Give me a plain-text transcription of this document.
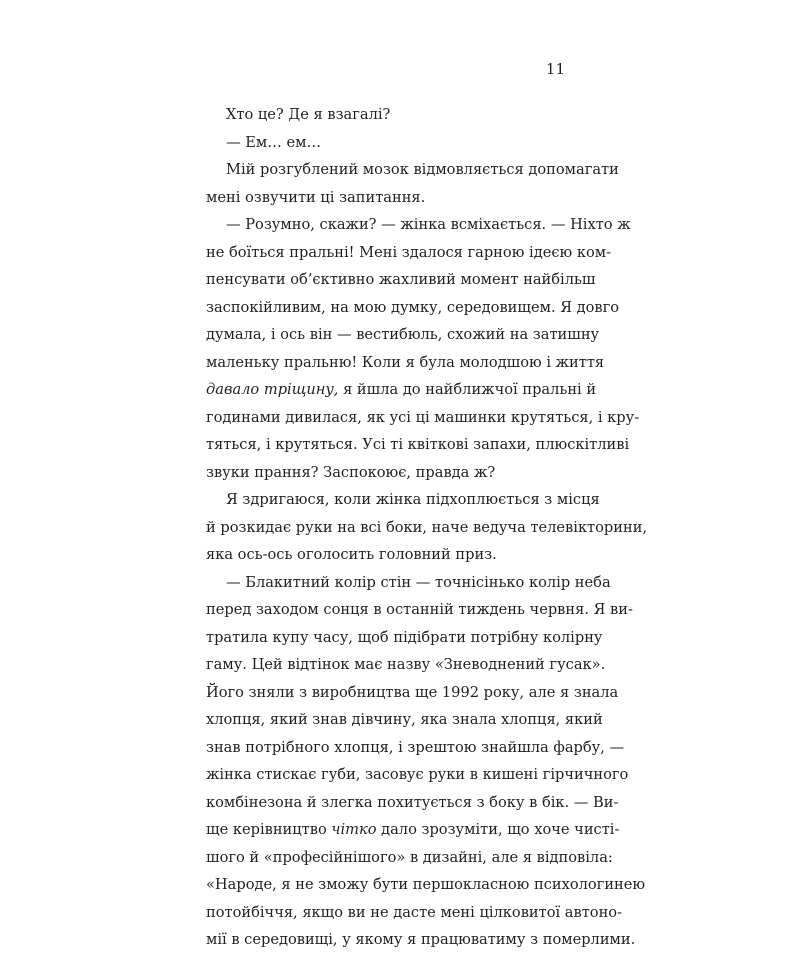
11
Хто це? Де я взагалі?
— Ем… ем…
Мій розгублений мозок відмовляється допомагати
мені озвучити ці запитання.
— Розумно, скажи? — жінка всміхається. — Ніхто ж
не боїться пральні! Мені здалося гарною ідеєю ком-
пенсувати об’єктивно жахливий момент найбільш
заспокійливим, на мою думку, середовищем. Я довго
думала, і ось він — вестибюль, схожий на затишну
маленьку пральню! Коли я була молодшою і життя
давало тріщину, я йшла до найближчої пральні й
годинами дивилася, як усі ці машинки крутяться, і кру-
тяться, і крутяться. Усі ті квіткові запахи, плюскітливі
звуки прання? Заспокоює, правда ж?
Я здригаюся, коли жінка підхоплюється з місця
й розкидає руки на всі боки, наче ведуча телевікторини,
яка ось-ось оголосить головний приз.
— Блакитний колір стін — точнісінько колір неба
перед заходом сонця в останній тиждень червня. Я ви-
тратила купу часу, щоб підібрати потрібну колірну
гаму. Цей відтінок має назву «Зневоднений гусак».
Його зняли з виробництва ще 1992 року, але я знала
хлопця, який знав дівчину, яка знала хлопця, який
знав потрібного хлопця, і зрештою знайшла фарбу, —
жінка стискає губи, засовує руки в кишені гірчичного
комбінезона й злегка похитується з боку в бік. — Ви-
ще керівництво чітко дало зрозуміти, що хоче чисті-
шого й «професійнішого» в дизайні, але я відповіла:
«Народе, я не зможу бути першокласною психологинею
потойбіччя, якщо ви не дасте мені цілковитої автоно-
мії в середовищі, у якому я працюватиму з померлими.
